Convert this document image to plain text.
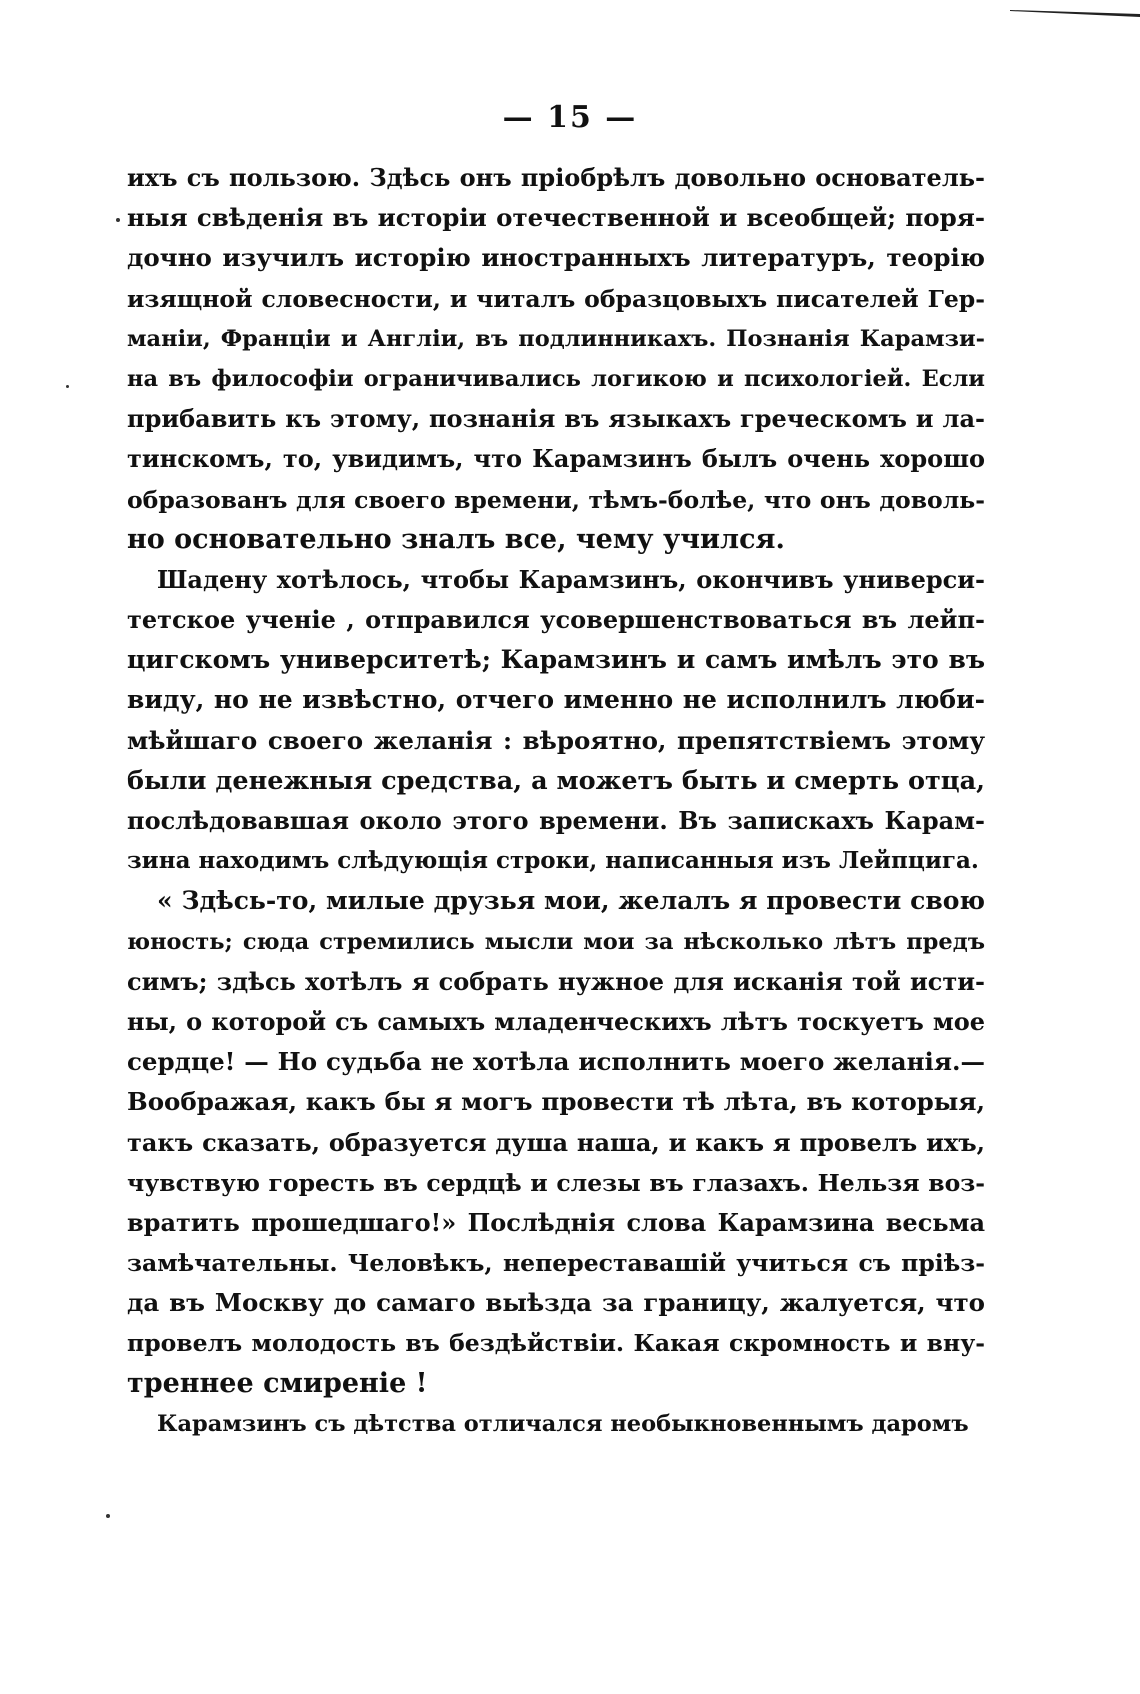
— 15 —
ихъ съ пользою. Здѣсь онъ пріобрѣлъ довольно основатель-
ныя свѣденія въ исторіи отечественной и всеобщей; поря-
дочно изучилъ исторію иностранныхъ литературъ, теорію
изящной словесности, и читалъ образцовыхъ писателей Гер-
маніи, Франціи и Англіи, въ подлинникахъ. Познанія Карамзи-
на въ философіи ограничивались логикою и психологіей. Если
прибавить къ этому, познанія въ языкахъ греческомъ и ла-
тинскомъ, то, увидимъ, что Карамзинъ былъ очень хорошо
образованъ для своего времени, тѣмъ-болѣе, что онъ доволь-
но основательно зналъ все, чему учился.
Шадену хотѣлось, чтобы Карамзинъ, окончивъ универси-
тетское ученіе , отправился усовершенствоваться въ лейп-
цигскомъ университетѣ; Карамзинъ и самъ имѣлъ это въ
виду, но не извѣстно, отчего именно не исполнилъ люби-
мѣйшаго своего желанія : вѣроятно, препятствіемъ этому
были денежныя средства, а можетъ быть и смерть отца,
послѣдовавшая около этого времени. Въ запискахъ Карам-
зина находимъ слѣдующія строки, написанныя изъ Лейпцига.
« Здѣсь-то, милые друзья мои, желалъ я провести свою
юность; сюда стремились мысли мои за нѣсколько лѣтъ предъ
симъ; здѣсь хотѣлъ я собрать нужное для исканія той исти-
ны, о которой съ самыхъ младенческихъ лѣтъ тоскуетъ мое
сердце! — Но судьба не хотѣла исполнить моего желанія.—
Воображая, какъ бы я могъ провести тѣ лѣта, въ которыя,
такъ сказать, образуется душа наша, и какъ я провелъ ихъ,
чувствую горесть въ сердцѣ и слезы въ глазахъ. Нельзя воз-
вратить прошедшаго!» Послѣднія слова Карамзина весьма
замѣчательны. Человѣкъ, непереставашій учиться съ пріѣз-
да въ Москву до самаго выѣзда за границу, жалуется, что
провелъ молодость въ бездѣйствіи. Какая скромность и вну-
треннее смиреніе !
Карамзинъ съ дѣтства отличался необыкновеннымъ даромъ
